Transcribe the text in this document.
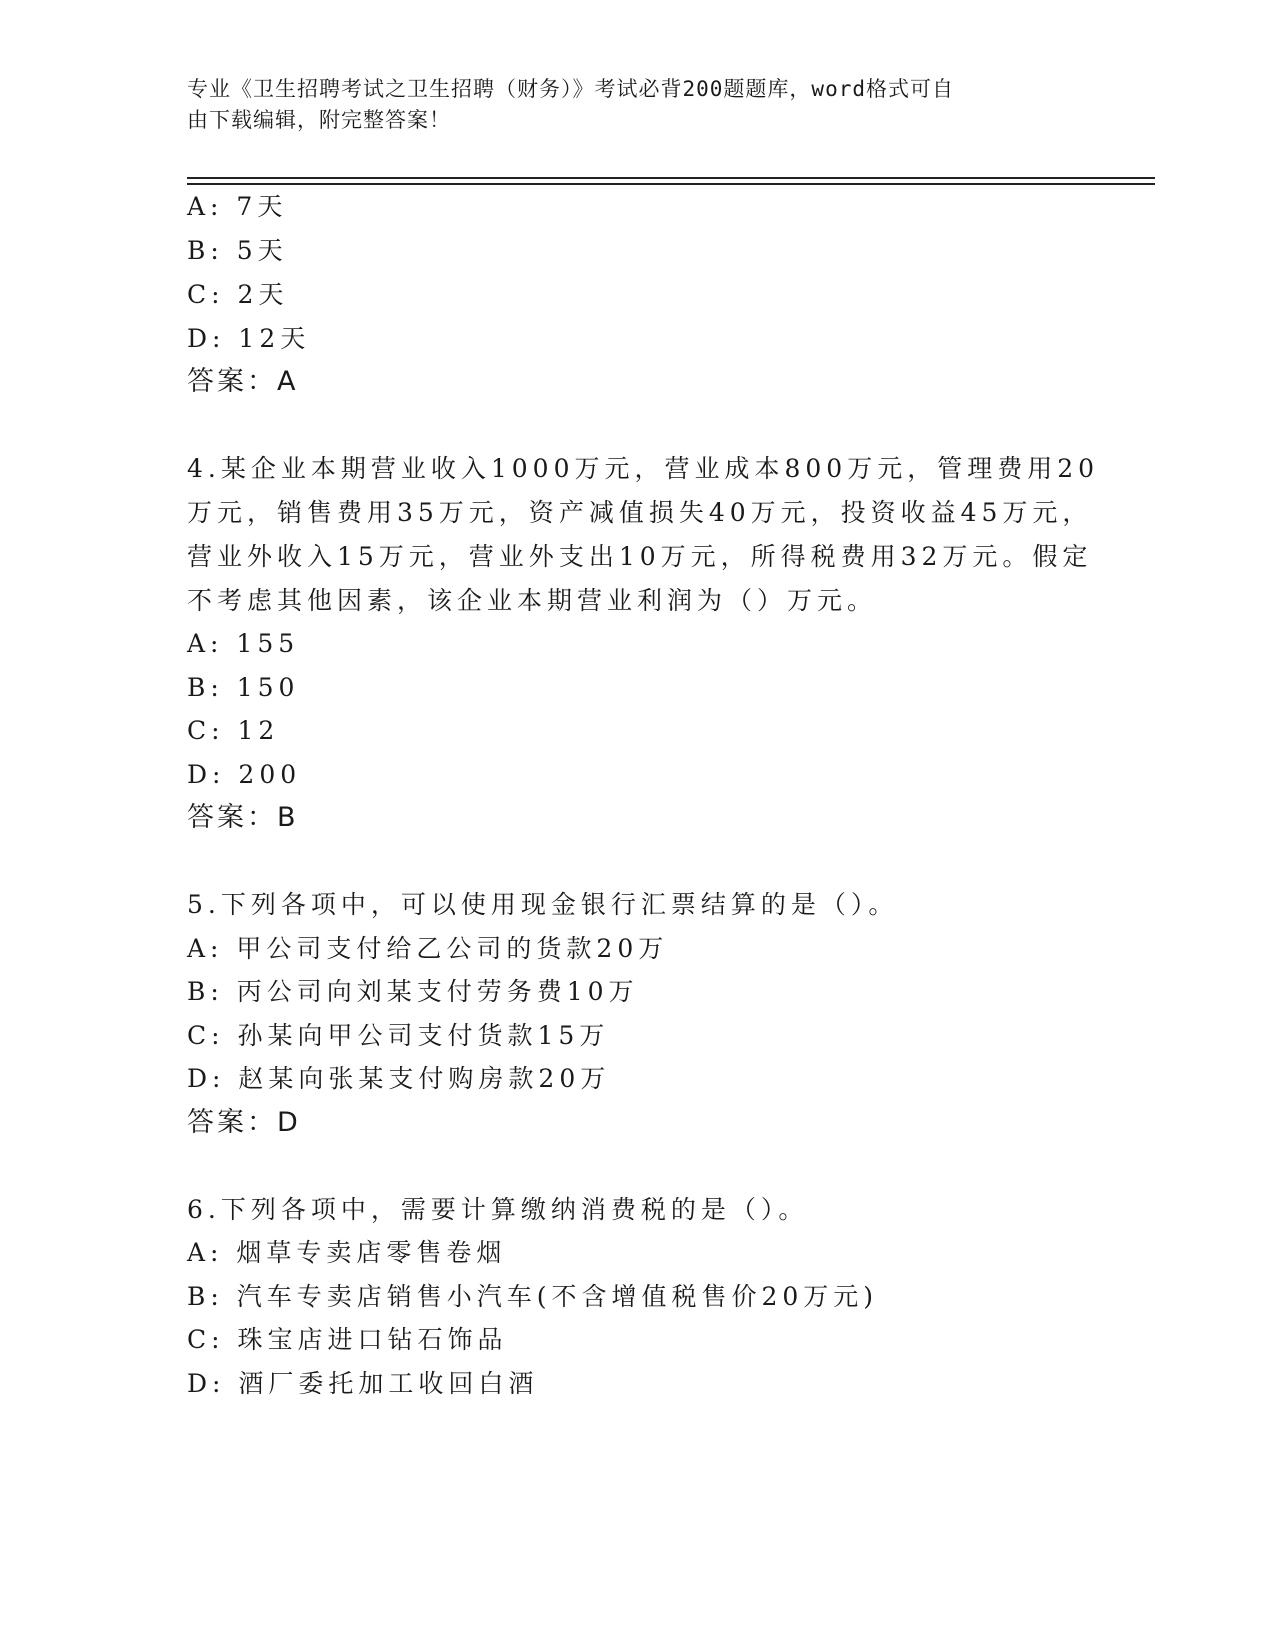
专业《卫生招聘考试之卫生招聘（财务）》考试必背200题题库，word格式可自
由下载编辑，附完整答案！
A: 7天
B: 5天
C: 2天
D: 12天
答案：A
4.某企业本期营业收入1000万元，营业成本800万元，管理费用20
万元，销售费用35万元，资产减值损失40万元，投资收益45万元，
营业外收入15万元，营业外支出10万元，所得税费用32万元。假定
不考虑其他因素，该企业本期营业利润为（）万元。
A: 155
B: 150
C: 12
D: 200
答案：B
5.下列各项中，可以使用现金银行汇票结算的是（）。
A: 甲公司支付给乙公司的货款20万
B: 丙公司向刘某支付劳务费10万
C: 孙某向甲公司支付货款15万
D: 赵某向张某支付购房款20万
答案：D
6.下列各项中，需要计算缴纳消费税的是（）。
A: 烟草专卖店零售卷烟
B: 汽车专卖店销售小汽车(不含增值税售价20万元)
C: 珠宝店进口钻石饰品
D: 酒厂委托加工收回白酒
